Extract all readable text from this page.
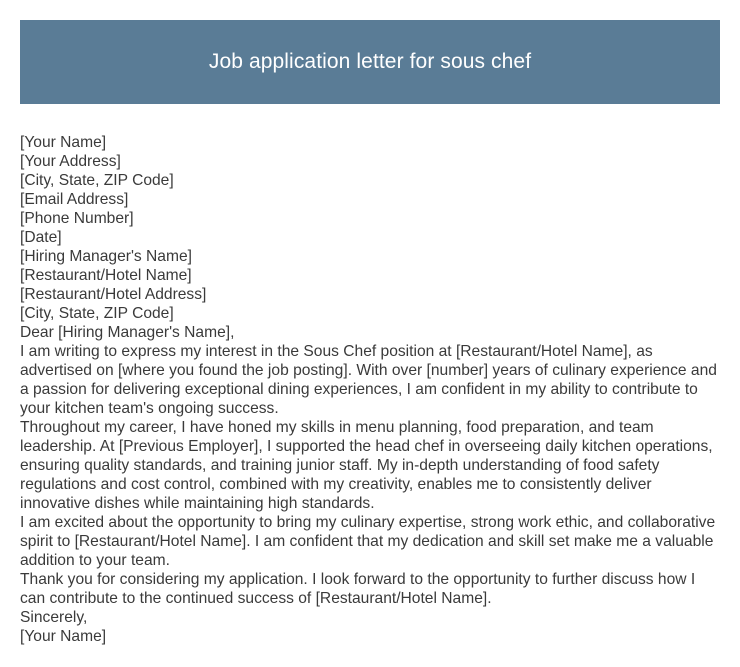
Job application letter for sous chef
[Your Name]
[Your Address]
[City, State, ZIP Code]
[Email Address]
[Phone Number]
[Date]
[Hiring Manager's Name]
[Restaurant/Hotel Name]
[Restaurant/Hotel Address]
[City, State, ZIP Code]
Dear [Hiring Manager's Name],
I am writing to express my interest in the Sous Chef position at [Restaurant/Hotel Name], as advertised on [where you found the job posting]. With over [number] years of culinary experience and a passion for delivering exceptional dining experiences, I am confident in my ability to contribute to your kitchen team's ongoing success.
Throughout my career, I have honed my skills in menu planning, food preparation, and team leadership. At [Previous Employer], I supported the head chef in overseeing daily kitchen operations, ensuring quality standards, and training junior staff. My in-depth understanding of food safety regulations and cost control, combined with my creativity, enables me to consistently deliver innovative dishes while maintaining high standards.
I am excited about the opportunity to bring my culinary expertise, strong work ethic, and collaborative spirit to [Restaurant/Hotel Name]. I am confident that my dedication and skill set make me a valuable addition to your team.
Thank you for considering my application. I look forward to the opportunity to further discuss how I can contribute to the continued success of [Restaurant/Hotel Name].
Sincerely,
[Your Name]
